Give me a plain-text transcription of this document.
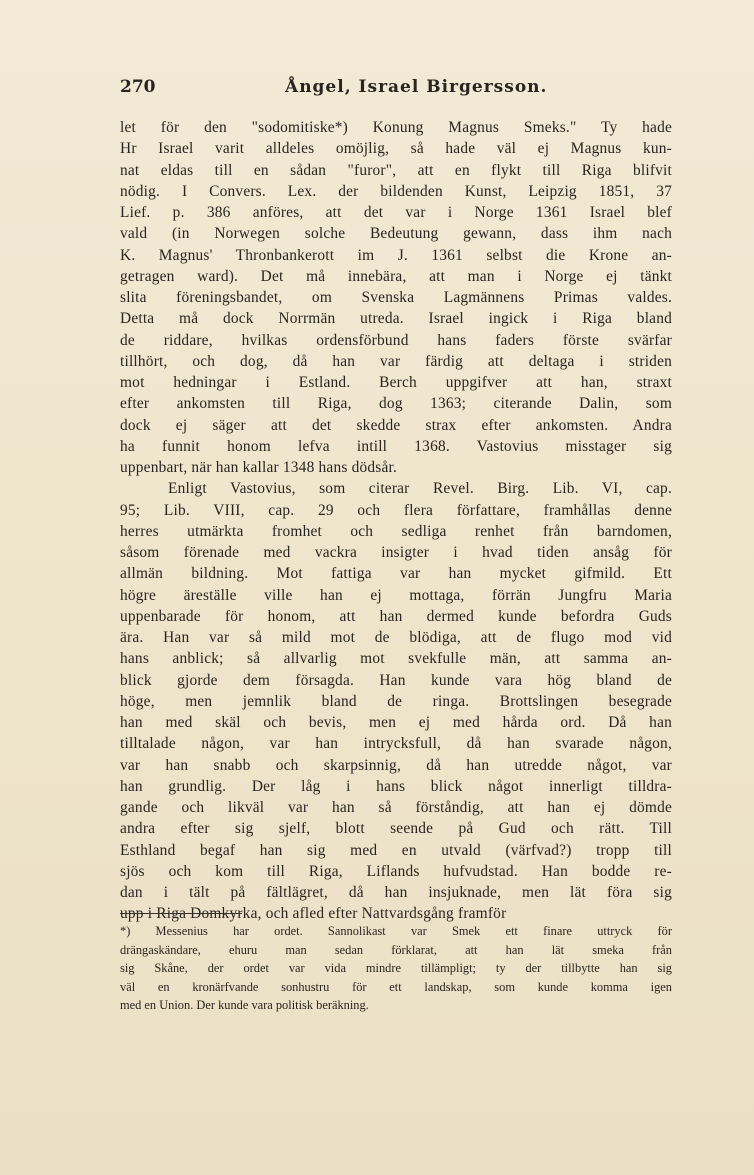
270	Ångel, Israel Birgersson.
let för den "sodomitiske*) Konung Magnus Smeks." Ty hade
Hr Israel varit alldeles omöjlig, så hade väl ej Magnus kun-
nat eldas till en sådan "furor", att en flykt till Riga blifvit
nödig. I Convers. Lex. der bildenden Kunst, Leipzig 1851, 37
Lief. p. 386 anföres, att det var i Norge 1361 Israel blef
vald (in Norwegen solche Bedeutung gewann, dass ihm nach
K. Magnus' Thronbankerott im J. 1361 selbst die Krone an-
getragen ward). Det må innebära, att man i Norge ej tänkt
slita föreningsbandet, om Svenska Lagmännens Primas valdes.
Detta må dock Norrmän utreda. Israel ingick i Riga bland
de riddare, hvilkas ordensförbund hans faders förste svärfar
tillhört, och dog, då han var färdig att deltaga i striden
mot hedningar i Estland. Berch uppgifver att han, straxt
efter ankomsten till Riga, dog 1363; citerande Dalin, som
dock ej säger att det skedde strax efter ankomsten. Andra
ha funnit honom lefva intill 1368. Vastovius misstager sig
uppenbart, när han kallar 1348 hans dödsår.
Enligt Vastovius, som citerar Revel. Birg. Lib. VI, cap.
95; Lib. VIII, cap. 29 och flera författare, framhållas denne
herres utmärkta fromhet och sedliga renhet från barndomen,
såsom förenade med vackra insigter i hvad tiden ansåg för
allmän bildning. Mot fattiga var han mycket gifmild. Ett
högre äreställe ville han ej mottaga, förrän Jungfru Maria
uppenbarade för honom, att han dermed kunde befordra Guds
ära. Han var så mild mot de blödiga, att de flugo mod vid
hans anblick; så allvarlig mot svekfulle män, att samma an-
blick gjorde dem försagda. Han kunde vara hög bland de
höge, men jemnlik bland de ringa. Brottslingen besegrade
han med skäl och bevis, men ej med hårda ord. Då han
tilltalade någon, var han intrycksfull, då han svarade någon,
var han snabb och skarpsinnig, då han utredde något, var
han grundlig. Der låg i hans blick något innerligt tilldra-
gande och likväl var han så förståndig, att han ej dömde
andra efter sig sjelf, blott seende på Gud och rätt. Till
Esthland begaf han sig med en utvald (värfvad?) tropp till
sjös och kom till Riga, Liflands hufvudstad. Han bodde re-
dan i tält på fältlägret, då han insjuknade, men lät föra sig
upp i Riga Domkyrka, och afled efter Nattvardsgång framför
*) Messenius har ordet. Sannolikast var Smek ett finare uttryck för
drängaskändare, ehuru man sedan förklarat, att han lät smeka från
sig Skåne, der ordet var vida mindre tillämpligt; ty der tillbytte han sig
väl en kronärfvande sonhustru för ett landskap, som kunde komma igen
med en Union. Der kunde vara politisk beräkning.
